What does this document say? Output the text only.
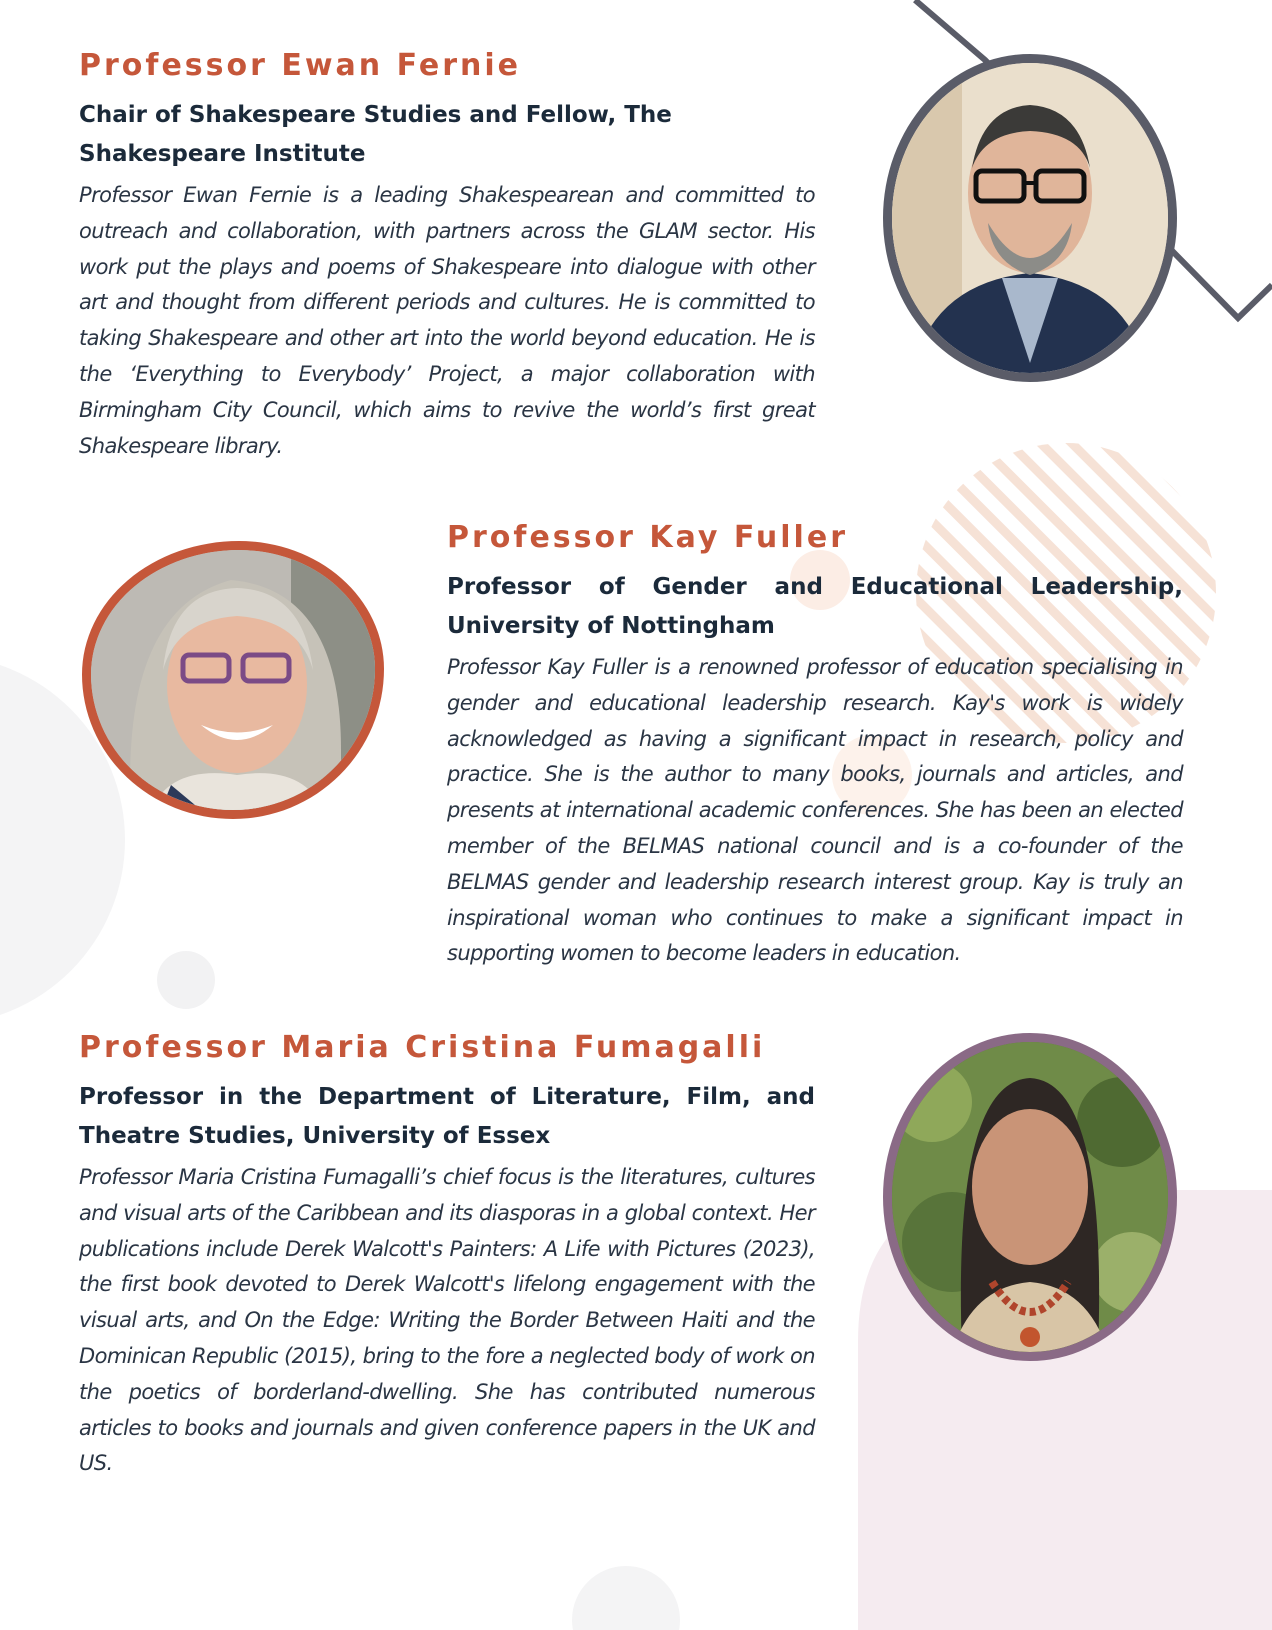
Professor Ewan Fernie
Chair of Shakespeare Studies and Fellow, The Shakespeare Institute

Professor Ewan Fernie is a leading Shakespearean and committed to outreach and collaboration, with partners across the GLAM sector. His work put the plays and poems of Shakespeare into dialogue with other art and thought from different periods and cultures. He is committed to taking Shakespeare and other art into the world beyond education. He is the ‘Everything to Everybody’ Project, a major collaboration with Birmingham City Council, which aims to revive the world’s first great Shakespeare library.

Professor Kay Fuller
Professor of Gender and Educational Leadership, University of Nottingham

Professor Kay Fuller is a renowned professor of education specialising in gender and educational leadership research. Kay's work is widely acknowledged as having a significant impact in research, policy and practice. She is the author to many books, journals and articles, and presents at international academic conferences. She has been an elected member of the BELMAS national council and is a co-founder of the BELMAS gender and leadership research interest group. Kay is truly an inspirational woman who continues to make a significant impact in supporting women to become leaders in education.

Professor Maria Cristina Fumagalli
Professor in the Department of Literature, Film, and Theatre Studies, University of Essex

Professor Maria Cristina Fumagalli’s chief focus is the literatures, cultures and visual arts of the Caribbean and its diasporas in a global context. Her publications include Derek Walcott's Painters: A Life with Pictures (2023), the first book devoted to Derek Walcott's lifelong engagement with the visual arts, and On the Edge: Writing the Border Between Haiti and the Dominican Republic (2015), bring to the fore a neglected body of work on the poetics of borderland-dwelling. She has contributed numerous articles to books and journals and given conference papers in the UK and US.
